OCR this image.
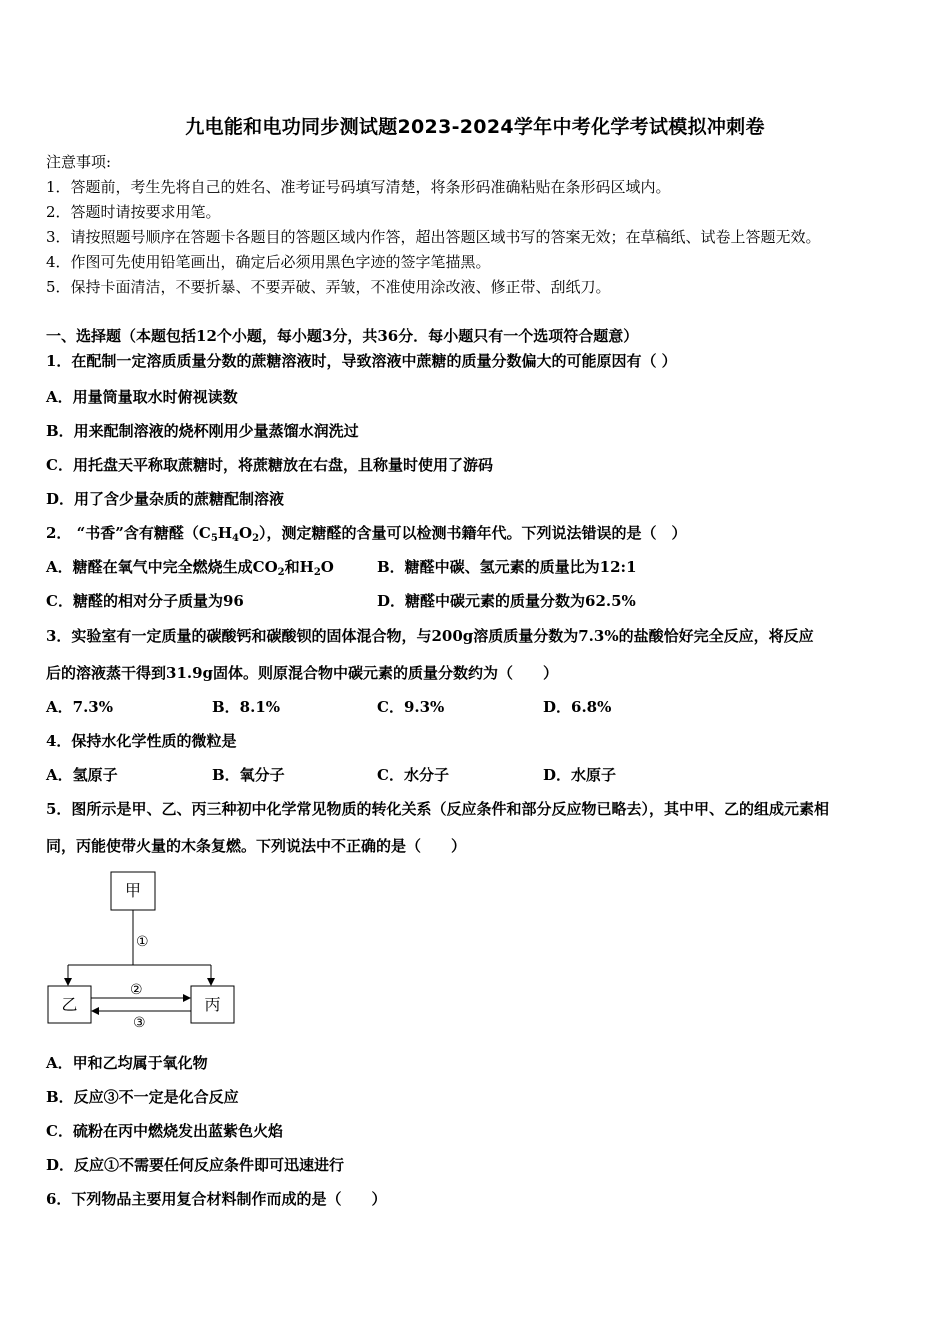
九电能和电功同步测试题2023-2024学年中考化学考试模拟冲刺卷
注意事项:
1．答题前，考生先将自己的姓名、准考证号码填写清楚，将条形码准确粘贴在条形码区域内。
2．答题时请按要求用笔。
3．请按照题号顺序在答题卡各题目的答题区域内作答，超出答题区域书写的答案无效；在草稿纸、试卷上答题无效。
4．作图可先使用铅笔画出，确定后必须用黑色字迹的签字笔描黑。
5．保持卡面清洁，不要折暴、不要弄破、弄皱，不准使用涂改液、修正带、刮纸刀。
一、选择题（本题包括12个小题，每小题3分，共36分．每小题只有一个选项符合题意）
1．在配制一定溶质质量分数的蔗糖溶液时，导致溶液中蔗糖的质量分数偏大的可能原因有（ ）
A．用量筒量取水时俯视读数
B．用来配制溶液的烧杯刚用少量蒸馏水润洗过
C．用托盘天平称取蔗糖时，将蔗糖放在右盘，且称量时使用了游码
D．用了含少量杂质的蔗糖配制溶液
2． “书香”含有糖醛$(C_5H_4O_2)$，测定糖醛的含量可以检测书籍年代。下列说法错误的是（　）
A．糖醛在氧气中完全燃烧生成$CO_2$和$H_2O$	B．糖醛中碳、氢元素的质量比为12:1
C．糖醛的相对分子质量为96	D．糖醛中碳元素的质量分数为62.5%
3．实验室有一定质量的碳酸钙和碳酸钡的固体混合物，与200g溶质质量分数为7.3%的盐酸恰好完全反应，将反应
后的溶液蒸干得到31.9g固体。则原混合物中碳元素的质量分数约为（　　）
A．7.3%	B．8.1%	C．9.3%	D．6.8%
4．保持水化学性质的微粒是
A．氢原子	B．氧分子	C．水分子	D．水原子
5．图所示是甲、乙、丙三种初中化学常见物质的转化关系（反应条件和部分反应物已略去），其中甲、乙的组成元素相
同，丙能使带火量的木条复燃。下列说法中不正确的是（　　）
甲
乙	丙
①
②
③
A．甲和乙均属于氧化物
B．反应③不一定是化合反应
C．硫粉在丙中燃烧发出蓝紫色火焰
D．反应①不需要任何反应条件即可迅速进行
6．下列物品主要用复合材料制作而成的是（　　）
